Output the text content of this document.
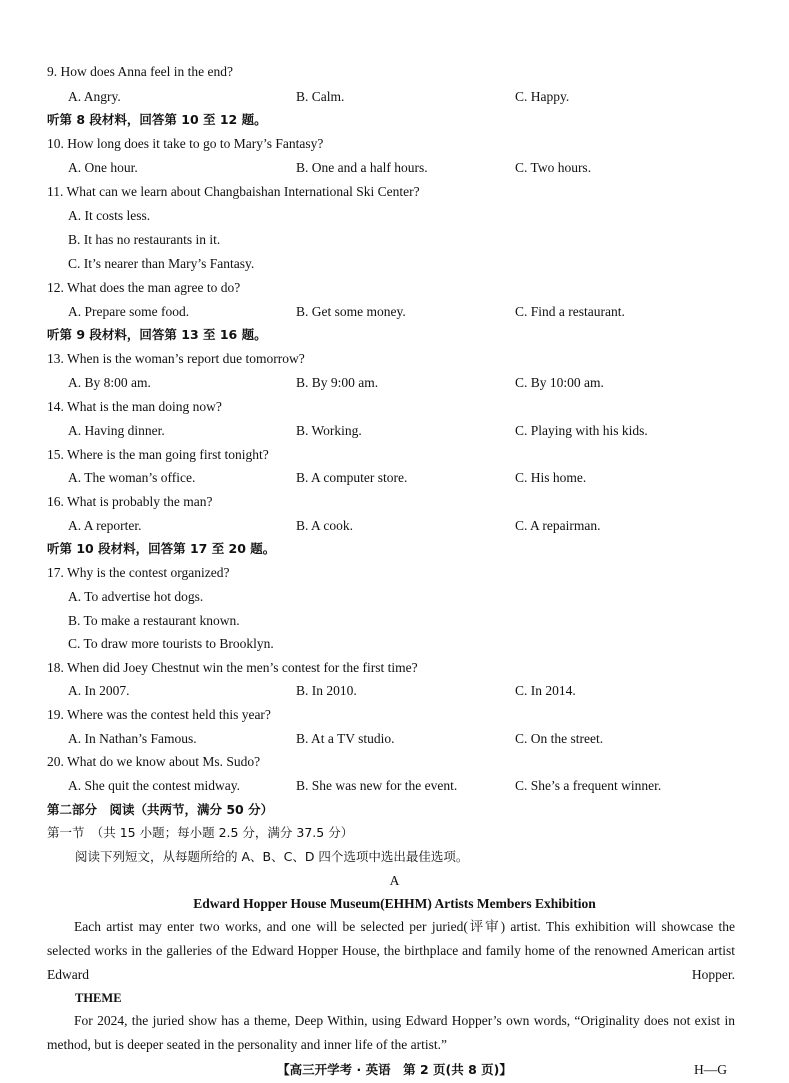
9. How does Anna feel in the end?
A. Angry.	B. Calm.	C. Happy.
听第 8 段材料，回答第 10 至 12 题。
10. How long does it take to go to Mary’s Fantasy?
A. One hour.	B. One and a half hours.	C. Two hours.
11. What can we learn about Changbaishan International Ski Center?
A. It costs less.
B. It has no restaurants in it.
C. It’s nearer than Mary’s Fantasy.
12. What does the man agree to do?
A. Prepare some food.	B. Get some money.	C. Find a restaurant.
听第 9 段材料，回答第 13 至 16 题。
13. When is the woman’s report due tomorrow?
A. By 8:00 am.	B. By 9:00 am.	C. By 10:00 am.
14. What is the man doing now?
A. Having dinner.	B. Working.	C. Playing with his kids.
15. Where is the man going first tonight?
A. The woman’s office.	B. A computer store.	C. His home.
16. What is probably the man?
A. A reporter.	B. A cook.	C. A repairman.
听第 10 段材料，回答第 17 至 20 题。
17. Why is the contest organized?
A. To advertise hot dogs.
B. To make a restaurant known.
C. To draw more tourists to Brooklyn.
18. When did Joey Chestnut win the men’s contest for the first time?
A. In 2007.	B. In 2010.	C. In 2014.
19. Where was the contest held this year?
A. In Nathan’s Famous.	B. At a TV studio.	C. On the street.
20. What do we know about Ms. Sudo?
A. She quit the contest midway.	B. She was new for the event.	C. She’s a frequent winner.
第二部分　阅读（共两节，满分 50 分）
第一节　（共 15 小题；每小题 2.5 分，满分 37.5 分）
阅读下列短文，从每题所给的 A、B、C、D 四个选项中选出最佳选项。
A
Edward Hopper House Museum(EHHM) Artists Members Exhibition
Each artist may enter two works, and one will be selected per juried(评审) artist. This exhibition will showcase the selected works in the galleries of the Edward Hopper House, the birthplace and family home of the renowned American artist Edward Hopper.
THEME
For 2024, the juried show has a theme, Deep Within, using Edward Hopper’s own words, “Originality does not exist in method, but is deeper seated in the personality and inner life of the artist.”
【高三开学考 · 英语　第 2 页(共 8 页)】	H—G
